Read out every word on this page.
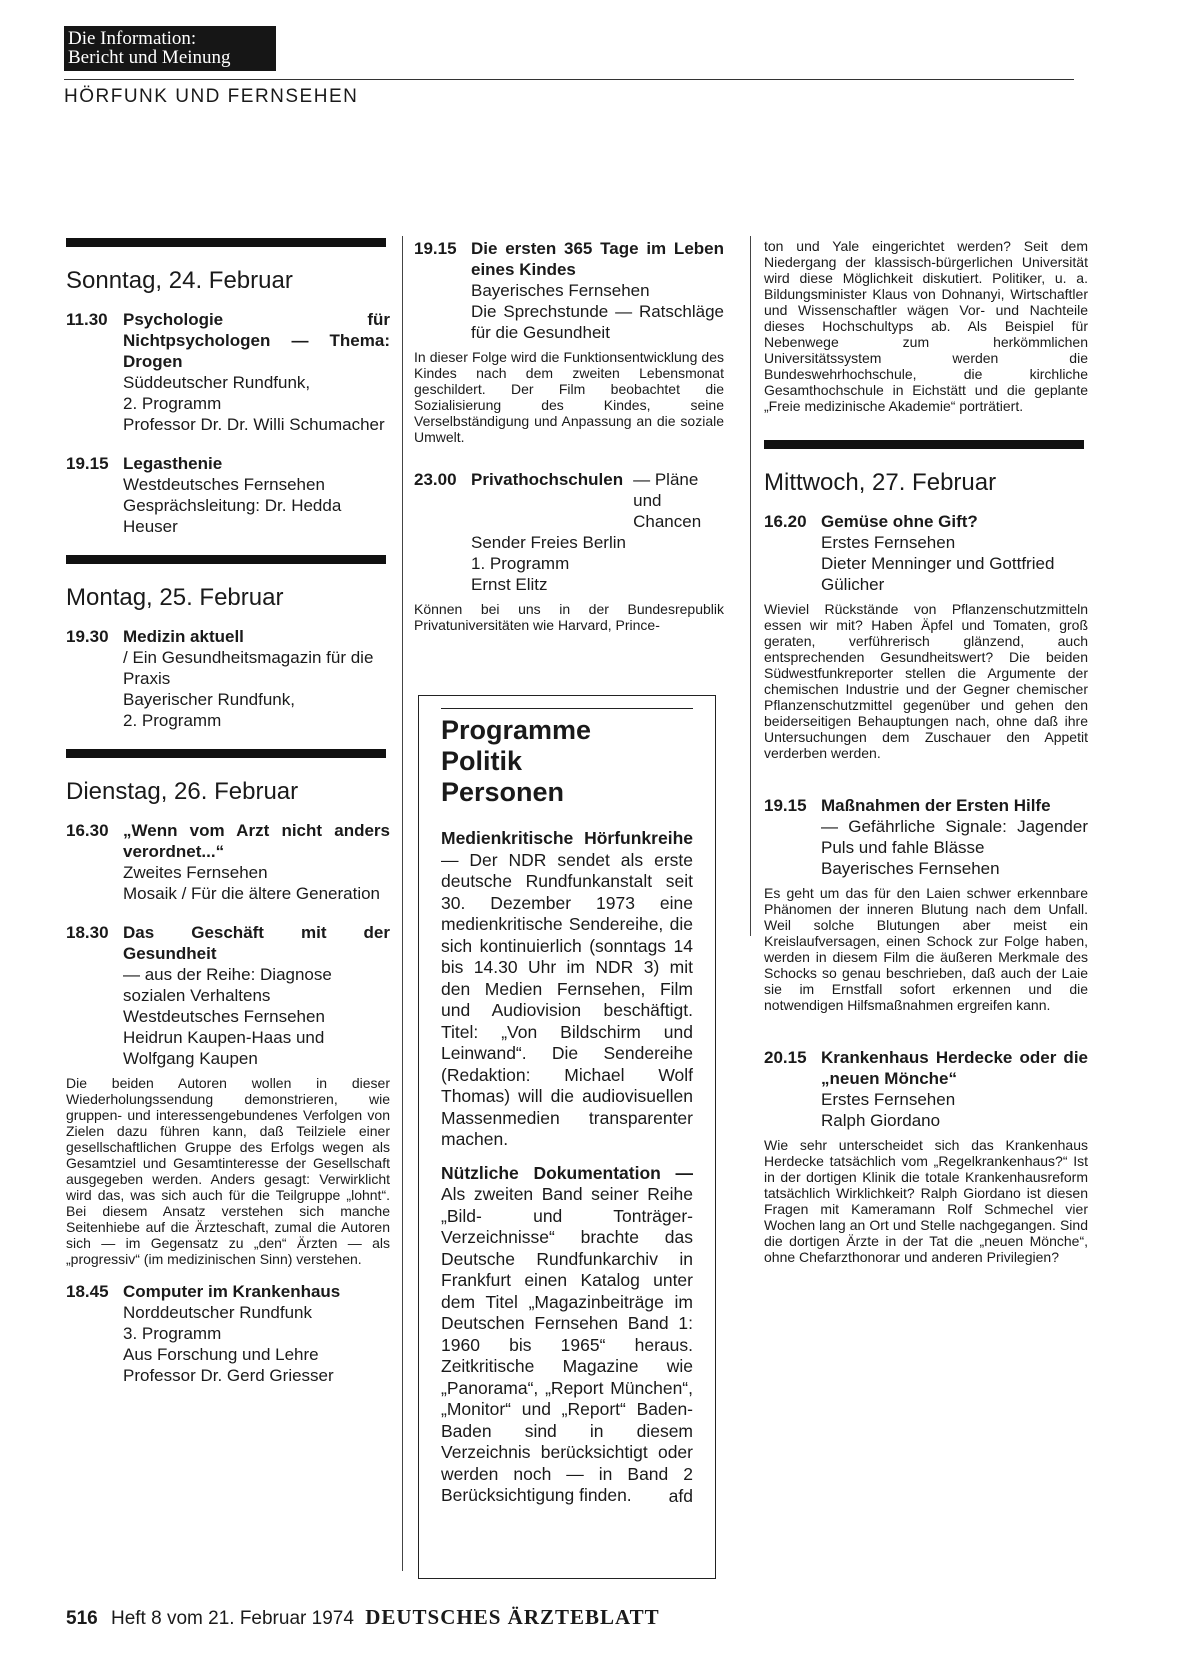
Die Information:
Bericht und Meinung
HÖRFUNK UND FERNSEHEN
Sonntag, 24. Februar
11.30 Psychologie für Nichtpsychologen — Thema: Drogen
Süddeutscher Rundfunk,
2. Programm
Professor Dr. Dr. Willi Schumacher
19.15 Legasthenie
Westdeutsches Fernsehen
Gesprächsleitung: Dr. Hedda Heuser
Montag, 25. Februar
19.30 Medizin aktuell
/ Ein Gesundheitsmagazin für die Praxis
Bayerischer Rundfunk,
2. Programm
Dienstag, 26. Februar
16.30 „Wenn vom Arzt nicht anders verordnet...“
Zweites Fernsehen
Mosaik / Für die ältere Generation
18.30 Das Geschäft mit der Gesundheit
— aus der Reihe: Diagnose sozialen Verhaltens
Westdeutsches Fernsehen
Heidrun Kaupen-Haas und Wolfgang Kaupen

Die beiden Autoren wollen in dieser Wiederholungssendung demonstrieren, wie gruppen- und interessengebundenes Verfolgen von Zielen dazu führen kann, daß Teilziele einer gesellschaftlichen Gruppe des Erfolgs wegen als Gesamtziel und Gesamtinteresse der Gesellschaft ausgegeben werden. Anders gesagt: Verwirklicht wird das, was sich auch für die Teilgruppe „lohnt“. Bei diesem Ansatz verstehen sich manche Seitenhiebe auf die Ärzteschaft, zumal die Autoren sich — im Gegensatz zu „den“ Ärzten — als „progressiv“ (im medizinischen Sinn) verstehen.

18.45 Computer im Krankenhaus
Norddeutscher Rundfunk
3. Programm
Aus Forschung und Lehre
Professor Dr. Gerd Griesser
19.15 Die ersten 365 Tage im Leben eines Kindes
Bayerisches Fernsehen
Die Sprechstunde — Ratschläge für die Gesundheit

In dieser Folge wird die Funktionsentwicklung des Kindes nach dem zweiten Lebensmonat geschildert. Der Film beobachtet die Sozialisierung des Kindes, seine Verselbständigung und Anpassung an die soziale Umwelt.

23.00 Privathochschulen — Pläne und Chancen
Sender Freies Berlin
1. Programm
Ernst Elitz

Können bei uns in der Bundesrepublik Privatuniversitäten wie Harvard, Prince-

Programme
Politik
Personen

Medienkritische Hörfunkreihe — Der NDR sendet als erste deutsche Rundfunkanstalt seit 30. Dezember 1973 eine medienkritische Sendereihe, die sich kontinuierlich (sonntags 14 bis 14.30 Uhr im NDR 3) mit den Medien Fernsehen, Film und Audiovision beschäftigt. Titel: „Von Bildschirm und Leinwand“. Die Sendereihe (Redaktion: Michael Wolf Thomas) will die audiovisuellen Massenmedien transparenter machen.

Nützliche Dokumentation — Als zweiten Band seiner Reihe „Bild- und Tonträger-Verzeichnisse“ brachte das Deutsche Rundfunkarchiv in Frankfurt einen Katalog unter dem Titel „Magazinbeiträge im Deutschen Fernsehen Band 1: 1960 bis 1965“ heraus. Zeitkritische Magazine wie „Panorama“, „Report München“, „Monitor“ und „Report“ Baden-Baden sind in diesem Verzeichnis berücksichtigt oder werden noch — in Band 2 Berücksichtigung finden.	afd

ton und Yale eingerichtet werden? Seit dem Niedergang der klassisch-bürgerlichen Universität wird diese Möglichkeit diskutiert. Politiker, u. a. Bildungsminister Klaus von Dohnanyi, Wirtschaftler und Wissenschaftler wägen Vor- und Nachteile dieses Hochschultyps ab. Als Beispiel für Nebenwege zum herkömmlichen Universitätssystem werden die Bundeswehrhochschule, die kirchliche Gesamthochschule in Eichstätt und die geplante „Freie medizinische Akademie“ porträtiert.

Mittwoch, 27. Februar
16.20 Gemüse ohne Gift?
Erstes Fernsehen
Dieter Menninger und Gottfried Gülicher

Wieviel Rückstände von Pflanzenschutzmitteln essen wir mit? Haben Äpfel und Tomaten, groß geraten, verführerisch glänzend, auch entsprechenden Gesundheitswert? Die beiden Südwestfunkreporter stellen die Argumente der chemischen Industrie und der Gegner chemischer Pflanzenschutzmittel gegenüber und gehen den beiderseitigen Behauptungen nach, ohne daß ihre Untersuchungen dem Zuschauer den Appetit verderben werden.

19.15 Maßnahmen der Ersten Hilfe
— Gefährliche Signale: Jagender Puls und fahle Blässe
Bayerisches Fernsehen

Es geht um das für den Laien schwer erkennbare Phänomen der inneren Blutung nach dem Unfall. Weil solche Blutungen aber meist ein Kreislaufversagen, einen Schock zur Folge haben, werden in diesem Film die äußeren Merkmale des Schocks so genau beschrieben, daß auch der Laie sie im Ernstfall sofort erkennen und die notwendigen Hilfsmaßnahmen ergreifen kann.

20.15 Krankenhaus Herdecke oder die „neuen Mönche“
Erstes Fernsehen
Ralph Giordano

Wie sehr unterscheidet sich das Krankenhaus Herdecke tatsächlich vom „Regelkrankenhaus?“ Ist in der dortigen Klinik die totale Krankenhausreform tatsächlich Wirklichkeit? Ralph Giordano ist diesen Fragen mit Kameramann Rolf Schmechel vier Wochen lang an Ort und Stelle nachgegangen. Sind die dortigen Ärzte in der Tat die „neuen Mönche“, ohne Chefarzthonorar und anderen Privilegien?

516 Heft 8 vom 21. Februar 1974 DEUTSCHES ÄRZTEBLATT
